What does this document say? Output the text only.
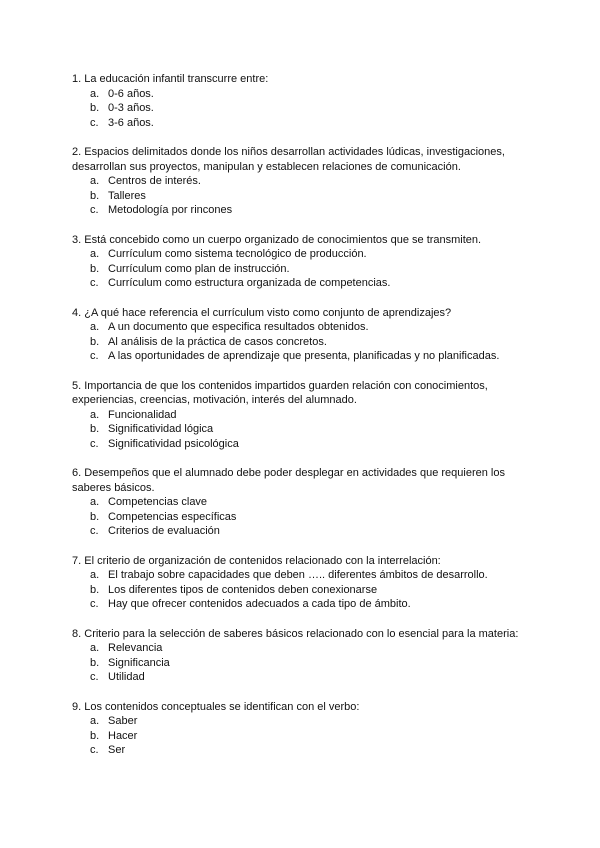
1. La educación infantil transcurre entre:

a. 0-6 años.
b. 0-3 años.
c. 3-6 años.

2. Espacios delimitados donde los niños desarrollan actividades lúdicas, investigaciones, desarrollan sus proyectos, manipulan y establecen relaciones de comunicación.

a. Centros de interés.
b. Talleres
c. Metodología por rincones

3. Está concebido como un cuerpo organizado de conocimientos que se transmiten.

a. Currículum como sistema tecnológico de producción.
b. Currículum como plan de instrucción.
c. Currículum como estructura organizada de competencias.

4. ¿A qué hace referencia el currículum visto como conjunto de aprendizajes?

a. A un documento que especifica resultados obtenidos.
b. Al análisis de la práctica de casos concretos.
c. A las oportunidades de aprendizaje que presenta, planificadas y no planificadas.

5. Importancia de que los contenidos impartidos guarden relación con conocimientos, experiencias, creencias, motivación, interés del alumnado.

a. Funcionalidad
b. Significatividad lógica
c. Significatividad psicológica

6. Desempeños que el alumnado debe poder desplegar en actividades que requieren los saberes básicos.

a. Competencias clave
b. Competencias específicas
c. Criterios de evaluación

7. El criterio de organización de contenidos relacionado con la interrelación:

a. El trabajo sobre capacidades que deben ….. diferentes ámbitos de desarrollo.
b. Los diferentes tipos de contenidos deben conexionarse
c. Hay que ofrecer contenidos adecuados a cada tipo de ámbito.

8. Criterio para la selección de saberes básicos relacionado con lo esencial para la materia:

a. Relevancia
b. Significancia
c. Utilidad

9. Los contenidos conceptuales se identifican con el verbo:

a. Saber
b. Hacer
c. Ser
